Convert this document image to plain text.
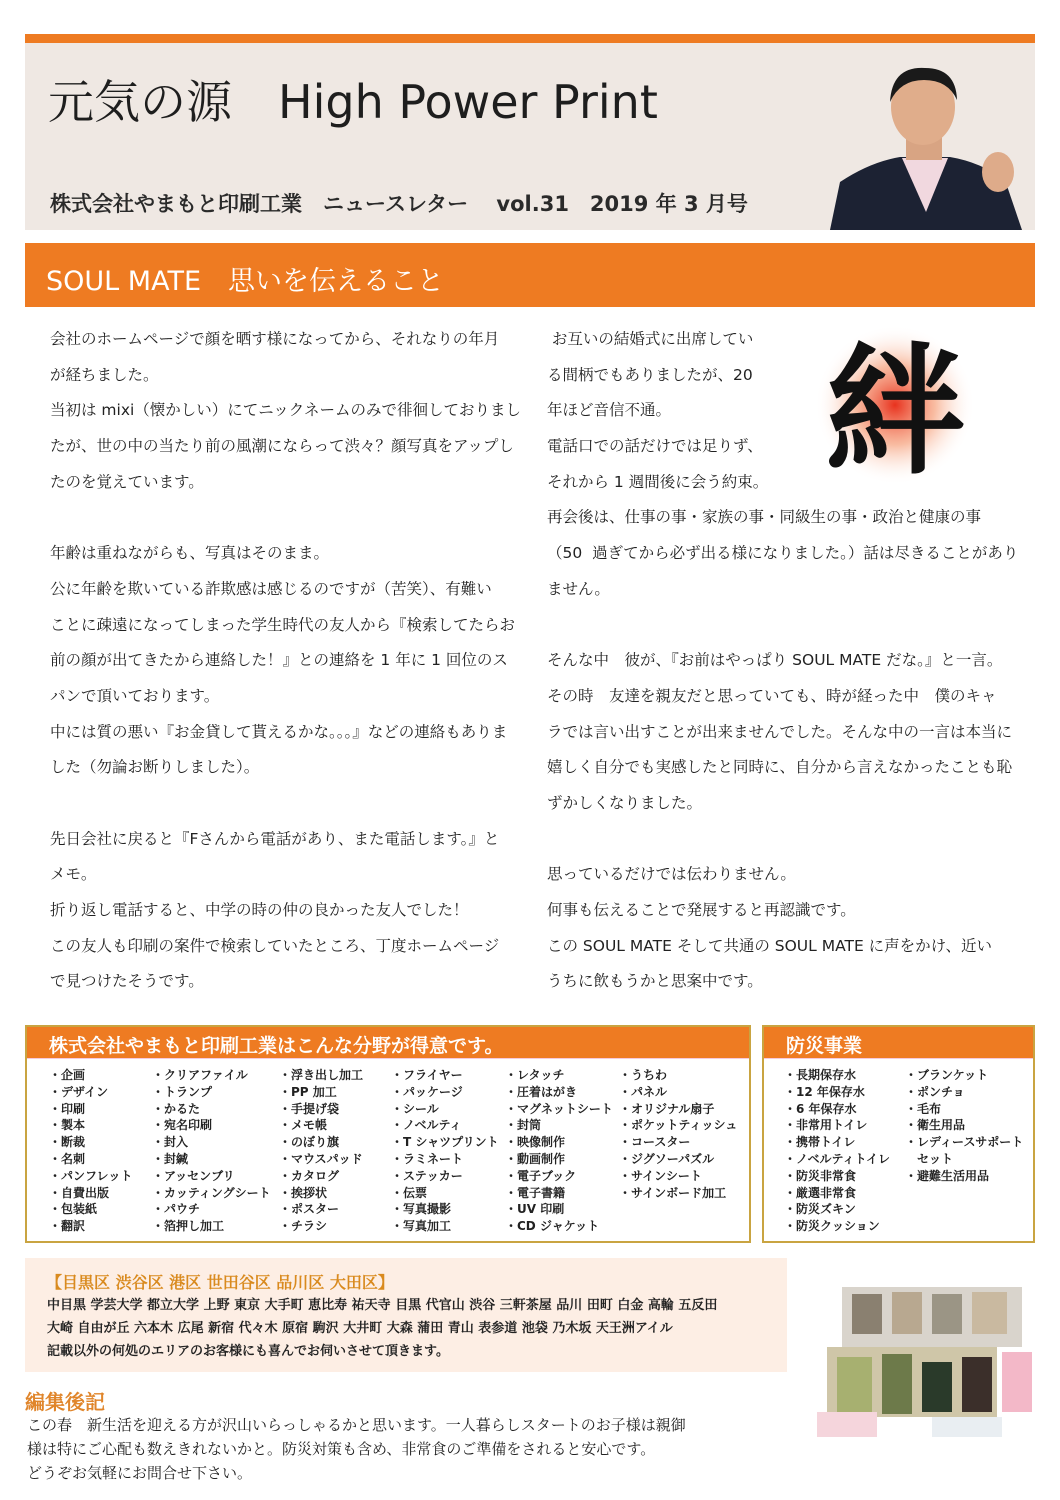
元気の源　High Power Print
株式会社やまもと印刷工業　ニュースレター　 vol.31　2019 年 3 月号
SOUL MATE　思いを伝えること
会社のホームページで顔を晒す様になってから、それなりの年月
が経ちました。
当初は mixi（懐かしい）にてニックネームのみで徘徊しておりまし
たが、世の中の当たり前の風潮にならって渋々？顔写真をアップし
たのを覚えています。
年齢は重ねながらも、写真はそのまま。
公に年齢を欺いている詐欺感は感じるのですが（苦笑）、有難い
ことに疎遠になってしまった学生時代の友人から『検索してたらお
前の顔が出てきたから連絡した！』との連絡を 1 年に 1 回位のス
パンで頂いております。
中には質の悪い『お金貸して貰えるかな。。。』などの連絡もありま
した（勿論お断りしました）。
先日会社に戻ると『Fさんから電話があり、また電話します。』と
メモ。
折り返し電話すると、中学の時の仲の良かった友人でした！
この友人も印刷の案件で検索していたところ、丁度ホームページ
で見つけたそうです。
お互いの結婚式に出席してい
る間柄でもありましたが、20
年ほど音信不通。
電話口での話だけでは足りず、
それから 1 週間後に会う約束。
再会後は、仕事の事・家族の事・同級生の事・政治と健康の事
（50  過ぎてから必ず出る様になりました。）話は尽きることがあり
ません。
そんな中　彼が、『お前はやっぱり SOUL MATE だな。』と一言。
その時　友達を親友だと思っていても、時が経った中　僕のキャ
ラでは言い出すことが出来ませんでした。そんな中の一言は本当に
嬉しく自分でも実感したと同時に、自分から言えなかったことも恥
ずかしくなりました。
思っているだけでは伝わりません。
何事も伝えることで発展すると再認識です。
この SOUL MATE そして共通の SOUL MATE に声をかけ、近い
うちに飲もうかと思案中です。
絆
株式会社やまもと印刷工業はこんな分野が得意です。
・企画
・デザイン
・印刷
・製本
・断裁
・名刺
・パンフレット
・自費出版
・包装紙
・翻訳
・クリアファイル
・トランプ
・かるた
・宛名印刷
・封入
・封緘
・アッセンブリ
・カッティングシート
・パウチ
・箔押し加工
・浮き出し加工
・PP 加工
・手提げ袋
・メモ帳
・のぼり旗
・マウスパッド
・カタログ
・挨拶状
・ポスター
・チラシ
・フライヤー
・パッケージ
・シール
・ノベルティ
・T シャツプリント
・ラミネート
・ステッカー
・伝票
・写真撮影
・写真加工
・レタッチ
・圧着はがき
・マグネットシート
・封筒
・映像制作
・動画制作
・電子ブック
・電子書籍
・UV 印刷
・CD ジャケット
・うちわ
・パネル
・オリジナル扇子
・ポケットティッシュ
・コースター
・ジグソーパズル
・サインシート
・サインボード加工
防災事業
・長期保存水
・12 年保存水
・6 年保存水
・非常用トイレ
・携帯トイレ
・ノベルティトイレ
・防災非常食
・厳選非常食
・防災ズキン
・防災クッション
・ブランケット
・ポンチョ
・毛布
・衛生用品
・レディースサポート
　セット
・避難生活用品
【目黒区 渋谷区 港区 世田谷区 品川区 大田区】
中目黒 学芸大学 都立大学 上野 東京 大手町 恵比寿 祐天寺 目黒 代官山 渋谷 三軒茶屋 品川 田町 白金 高輪 五反田
大崎 自由が丘 六本木 広尾 新宿 代々木 原宿 駒沢 大井町 大森 蒲田 青山 表参道 池袋 乃木坂 天王洲アイル
記載以外の何処のエリアのお客様にも喜んでお伺いさせて頂きます。
編集後記
この春　新生活を迎える方が沢山いらっしゃるかと思います。一人暮らしスタートのお子様は親御
様は特にご心配も数えきれないかと。防災対策も含め、非常食のご準備をされると安心です。
どうぞお気軽にお問合せ下さい。
